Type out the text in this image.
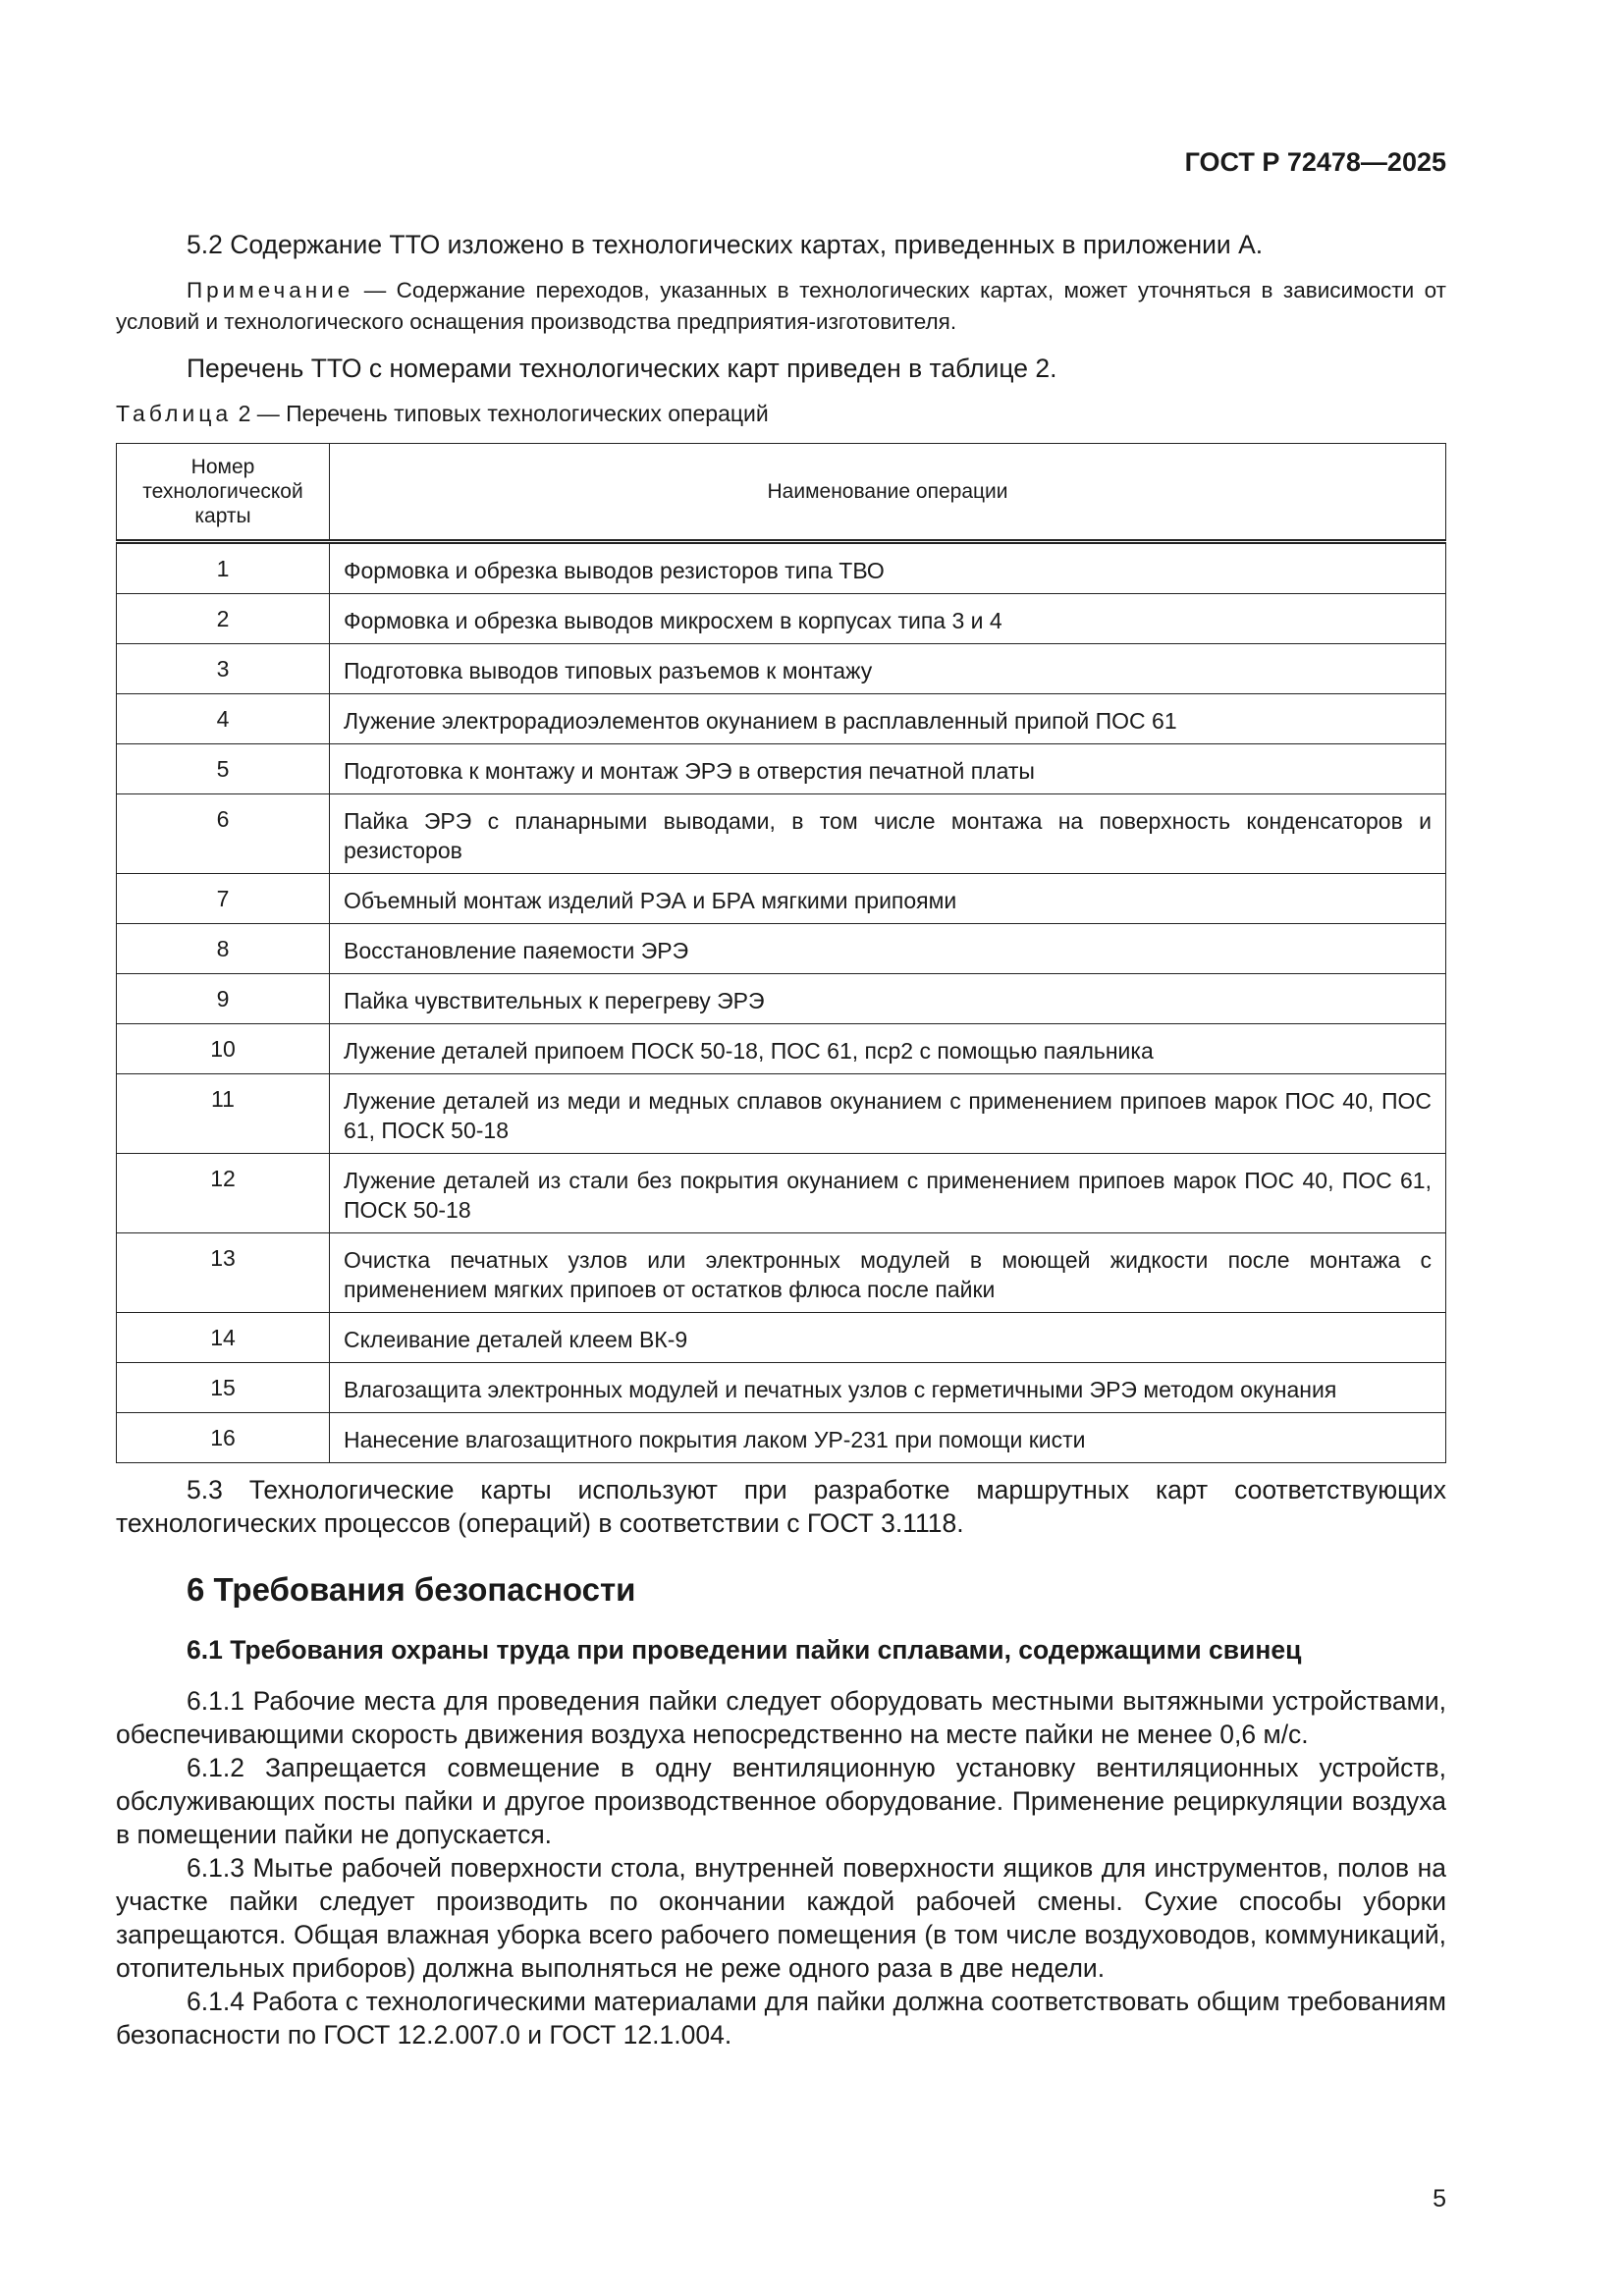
ГОСТ Р 72478—2025

5.2 Содержание ТТО изложено в технологических картах, приведенных в приложении А.

Примечание — Содержание переходов, указанных в технологических картах, может уточняться в зависимости от условий и технологического оснащения производства предприятия-изготовителя.

Перечень ТТО с номерами технологических карт приведен в таблице 2.

Таблица 2 — Перечень типовых технологических операций
Номер технологической карты	Наименование операции
1	Формовка и обрезка выводов резисторов типа ТВО
2	Формовка и обрезка выводов микросхем в корпусах типа 3 и 4
3	Подготовка выводов типовых разъемов к монтажу
4	Лужение электрорадиоэлементов окунанием в расплавленный припой ПОС 61
5	Подготовка к монтажу и монтаж ЭРЭ в отверстия печатной платы
6	Пайка ЭРЭ с планарными выводами, в том числе монтажа на поверхность конденсаторов и резисторов
7	Объемный монтаж изделий РЭА и БРА мягкими припоями
8	Восстановление паяемости ЭРЭ
9	Пайка чувствительных к перегреву ЭРЭ
10	Лужение деталей припоем ПОСК 50-18, ПОС 61, пср2 с помощью паяльника
11	Лужение деталей из меди и медных сплавов окунанием с применением припоев марок ПОС 40, ПОС 61, ПОСК 50-18
12	Лужение деталей из стали без покрытия окунанием с применением припоев марок ПОС 40, ПОС 61, ПОСК 50-18
13	Очистка печатных узлов или электронных модулей в моющей жидкости после монтажа с применением мягких припоев от остатков флюса после пайки
14	Склеивание деталей клеем ВК-9
15	Влагозащита электронных модулей и печатных узлов с герметичными ЭРЭ методом окунания
16	Нанесение влагозащитного покрытия лаком УР-231 при помощи кисти

5.3 Технологические карты используют при разработке маршрутных карт соответствующих технологических процессов (операций) в соответствии с ГОСТ 3.1118.

6 Требования безопасности
6.1 Требования охраны труда при проведении пайки сплавами, содержащими свинец

6.1.1 Рабочие места для проведения пайки следует оборудовать местными вытяжными устройствами, обеспечивающими скорость движения воздуха непосредственно на месте пайки не менее 0,6 м/с.

6.1.2 Запрещается совмещение в одну вентиляционную установку вентиляционных устройств, обслуживающих посты пайки и другое производственное оборудование. Применение рециркуляции воздуха в помещении пайки не допускается.

6.1.3 Мытье рабочей поверхности стола, внутренней поверхности ящиков для инструментов, полов на участке пайки следует производить по окончании каждой рабочей смены. Сухие способы уборки запрещаются. Общая влажная уборка всего рабочего помещения (в том числе воздуховодов, коммуникаций, отопительных приборов) должна выполняться не реже одного раза в две недели.

6.1.4 Работа с технологическими материалами для пайки должна соответствовать общим требованиям безопасности по ГОСТ 12.2.007.0 и ГОСТ 12.1.004.

5
